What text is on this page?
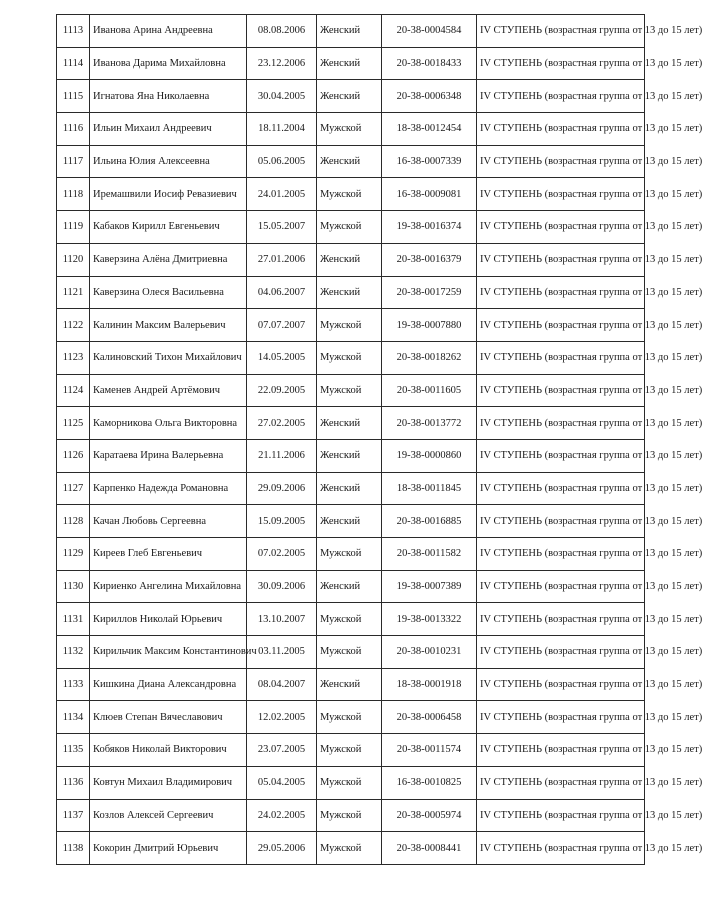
1113	Иванова Арина Андреевна	08.08.2006	Женский	20-38-0004584	IV СТУПЕНЬ (возрастная группа от 13 до 15 лет)
1114	Иванова Дарима Михайловна	23.12.2006	Женский	20-38-0018433	IV СТУПЕНЬ (возрастная группа от 13 до 15 лет)
1115	Игнатова Яна Николаевна	30.04.2005	Женский	20-38-0006348	IV СТУПЕНЬ (возрастная группа от 13 до 15 лет)
1116	Ильин Михаил Андреевич	18.11.2004	Мужской	18-38-0012454	IV СТУПЕНЬ (возрастная группа от 13 до 15 лет)
1117	Ильина Юлия Алексеевна	05.06.2005	Женский	16-38-0007339	IV СТУПЕНЬ (возрастная группа от 13 до 15 лет)
1118	Иремашвили Иосиф Ревазиевич	24.01.2005	Мужской	16-38-0009081	IV СТУПЕНЬ (возрастная группа от 13 до 15 лет)
1119	Кабаков Кирилл Евгеньевич	15.05.2007	Мужской	19-38-0016374	IV СТУПЕНЬ (возрастная группа от 13 до 15 лет)
1120	Каверзина Алёна Дмитриевна	27.01.2006	Женский	20-38-0016379	IV СТУПЕНЬ (возрастная группа от 13 до 15 лет)
1121	Каверзина Олеся Васильевна	04.06.2007	Женский	20-38-0017259	IV СТУПЕНЬ (возрастная группа от 13 до 15 лет)
1122	Калинин Максим Валерьевич	07.07.2007	Мужской	19-38-0007880	IV СТУПЕНЬ (возрастная группа от 13 до 15 лет)
1123	Калиновский Тихон Михайлович	14.05.2005	Мужской	20-38-0018262	IV СТУПЕНЬ (возрастная группа от 13 до 15 лет)
1124	Каменев Андрей Артёмович	22.09.2005	Мужской	20-38-0011605	IV СТУПЕНЬ (возрастная группа от 13 до 15 лет)
1125	Каморникова Ольга Викторовна	27.02.2005	Женский	20-38-0013772	IV СТУПЕНЬ (возрастная группа от 13 до 15 лет)
1126	Каратаева Ирина Валерьевна	21.11.2006	Женский	19-38-0000860	IV СТУПЕНЬ (возрастная группа от 13 до 15 лет)
1127	Карпенко Надежда Романовна	29.09.2006	Женский	18-38-0011845	IV СТУПЕНЬ (возрастная группа от 13 до 15 лет)
1128	Качан Любовь Сергеевна	15.09.2005	Женский	20-38-0016885	IV СТУПЕНЬ (возрастная группа от 13 до 15 лет)
1129	Киреев Глеб Евгеньевич	07.02.2005	Мужской	20-38-0011582	IV СТУПЕНЬ (возрастная группа от 13 до 15 лет)
1130	Кириенко Ангелина Михайловна	30.09.2006	Женский	19-38-0007389	IV СТУПЕНЬ (возрастная группа от 13 до 15 лет)
1131	Кириллов Николай Юрьевич	13.10.2007	Мужской	19-38-0013322	IV СТУПЕНЬ (возрастная группа от 13 до 15 лет)
1132	Кирильчик Максим Константинович	03.11.2005	Мужской	20-38-0010231	IV СТУПЕНЬ (возрастная группа от 13 до 15 лет)
1133	Кишкина Диана Александровна	08.04.2007	Женский	18-38-0001918	IV СТУПЕНЬ (возрастная группа от 13 до 15 лет)
1134	Клюев Степан Вячеславович	12.02.2005	Мужской	20-38-0006458	IV СТУПЕНЬ (возрастная группа от 13 до 15 лет)
1135	Кобяков Николай Викторович	23.07.2005	Мужской	20-38-0011574	IV СТУПЕНЬ (возрастная группа от 13 до 15 лет)
1136	Ковтун Михаил Владимирович	05.04.2005	Мужской	16-38-0010825	IV СТУПЕНЬ (возрастная группа от 13 до 15 лет)
1137	Козлов Алексей Сергеевич	24.02.2005	Мужской	20-38-0005974	IV СТУПЕНЬ (возрастная группа от 13 до 15 лет)
1138	Кокорин Дмитрий Юрьевич	29.05.2006	Мужской	20-38-0008441	IV СТУПЕНЬ (возрастная группа от 13 до 15 лет)
